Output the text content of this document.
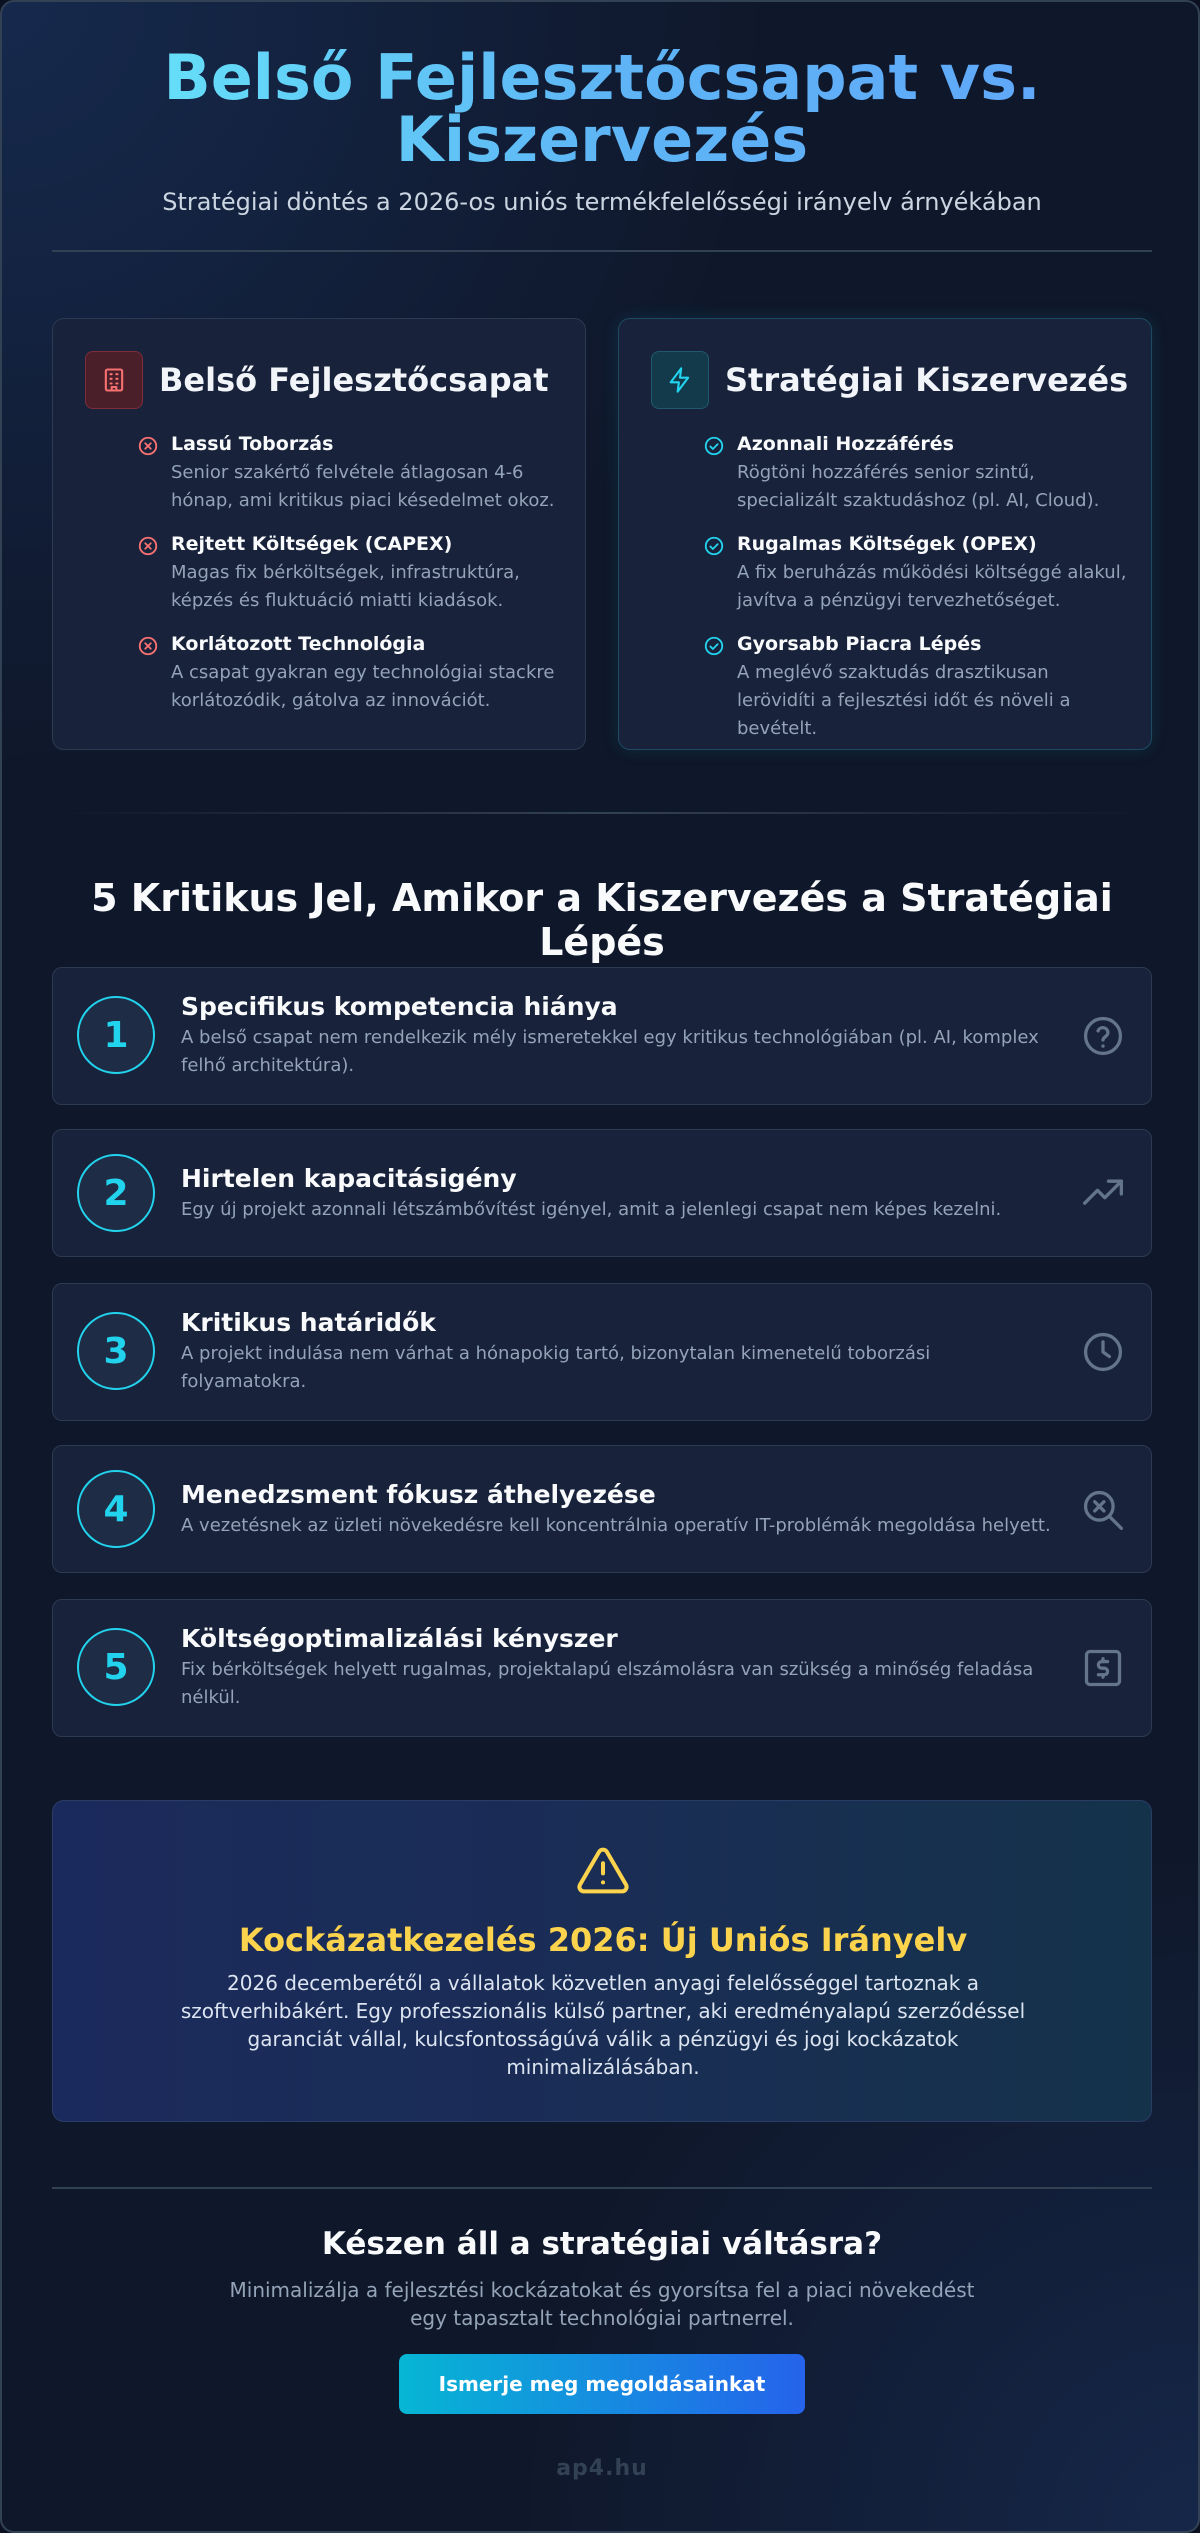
Belső Fejlesztőcsapat vs.
Kiszervezés
Stratégiai döntés a 2026-os uniós termékfelelősségi irányelv árnyékában
Belső Fejlesztőcsapat
Lassú Toborzás
Senior szakértő felvétele átlagosan 4-6 hónap, ami kritikus piaci késedelmet okoz.
Rejtett Költségek (CAPEX)
Magas fix bérköltségek, infrastruktúra, képzés és fluktuáció miatti kiadások.
Korlátozott Technológia
A csapat gyakran egy technológiai stackre korlátozódik, gátolva az innovációt.
Stratégiai Kiszervezés
Azonnali Hozzáférés
Rögtöni hozzáférés senior szintű, specializált szaktudáshoz (pl. AI, Cloud).
Rugalmas Költségek (OPEX)
A fix beruházás működési költséggé alakul, javítva a pénzügyi tervezhetőséget.
Gyorsabb Piacra Lépés
A meglévő szaktudás drasztikusan lerövidíti a fejlesztési időt és növeli a bevételt.
5 Kritikus Jel, Amikor a Kiszervezés a Stratégiai Lépés
1
Specifikus kompetencia hiánya
A belső csapat nem rendelkezik mély ismeretekkel egy kritikus technológiában (pl. AI, komplex felhő architektúra).
2	Hirtelen kapacitásigény
Egy új projekt azonnali létszámbővítést igényel, amit a jelenlegi csapat nem képes kezelni.
3
Kritikus határidők
A projekt indulása nem várhat a hónapokig tartó, bizonytalan kimenetelű toborzási folyamatokra.
4	Menedzsment fókusz áthelyezése
A vezetésnek az üzleti növekedésre kell koncentrálnia operatív IT-problémák megoldása helyett.
5
Költségoptimalizálási kényszer
Fix bérköltségek helyett rugalmas, projektalapú elszámolásra van szükség a minőség feladása nélkül.
Kockázatkezelés 2026: Új Uniós Irányelv
2026 decemberétől a vállalatok közvetlen anyagi felelősséggel tartoznak a szoftverhibákért. Egy professzionális külső partner, aki eredményalapú szerződéssel garanciát vállal, kulcsfontosságúvá válik a pénzügyi és jogi kockázatok minimalizálásában.
Készen áll a stratégiai váltásra?
Minimalizálja a fejlesztési kockázatokat és gyorsítsa fel a piaci növekedést egy tapasztalt technológiai partnerrel.
Ismerje meg megoldásainkat
ap4.hu
